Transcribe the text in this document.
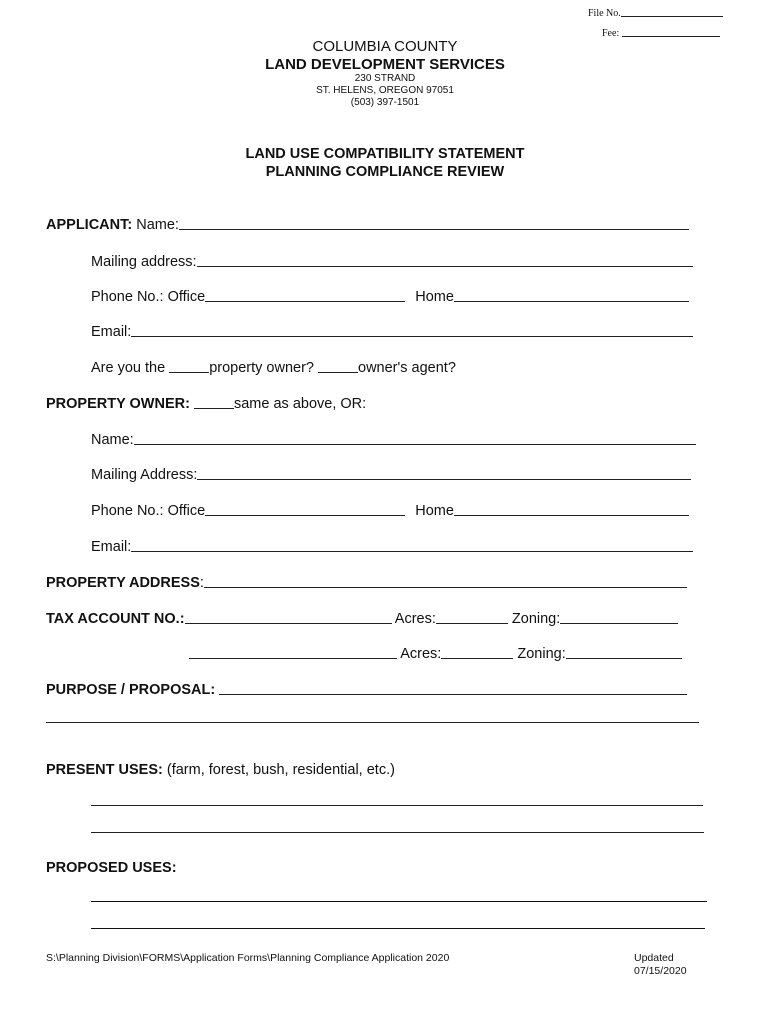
File No.
Fee:
COLUMBIA COUNTY
LAND DEVELOPMENT SERVICES
230 STRAND
ST. HELENS, OREGON 97051
(503) 397-1501
LAND USE COMPATIBILITY STATEMENT
PLANNING COMPLIANCE REVIEW
APPLICANT: Name:
Mailing address:
Phone No.: Office	Home
Email:
Are you the	property owner?	owner's agent?
PROPERTY OWNER:	same as above, OR:
Name:
Mailing Address:
Phone No.: Office	Home
Email:
PROPERTY ADDRESS:
TAX ACCOUNT NO.:	Acres:	Zoning:
Acres:	Zoning:
PURPOSE / PROPOSAL:
PRESENT USES: (farm, forest, bush, residential, etc.)
PROPOSED USES:
S:\Planning Division\FORMS\Application Forms\Planning Compliance Application 2020	Updated
07/15/2020
